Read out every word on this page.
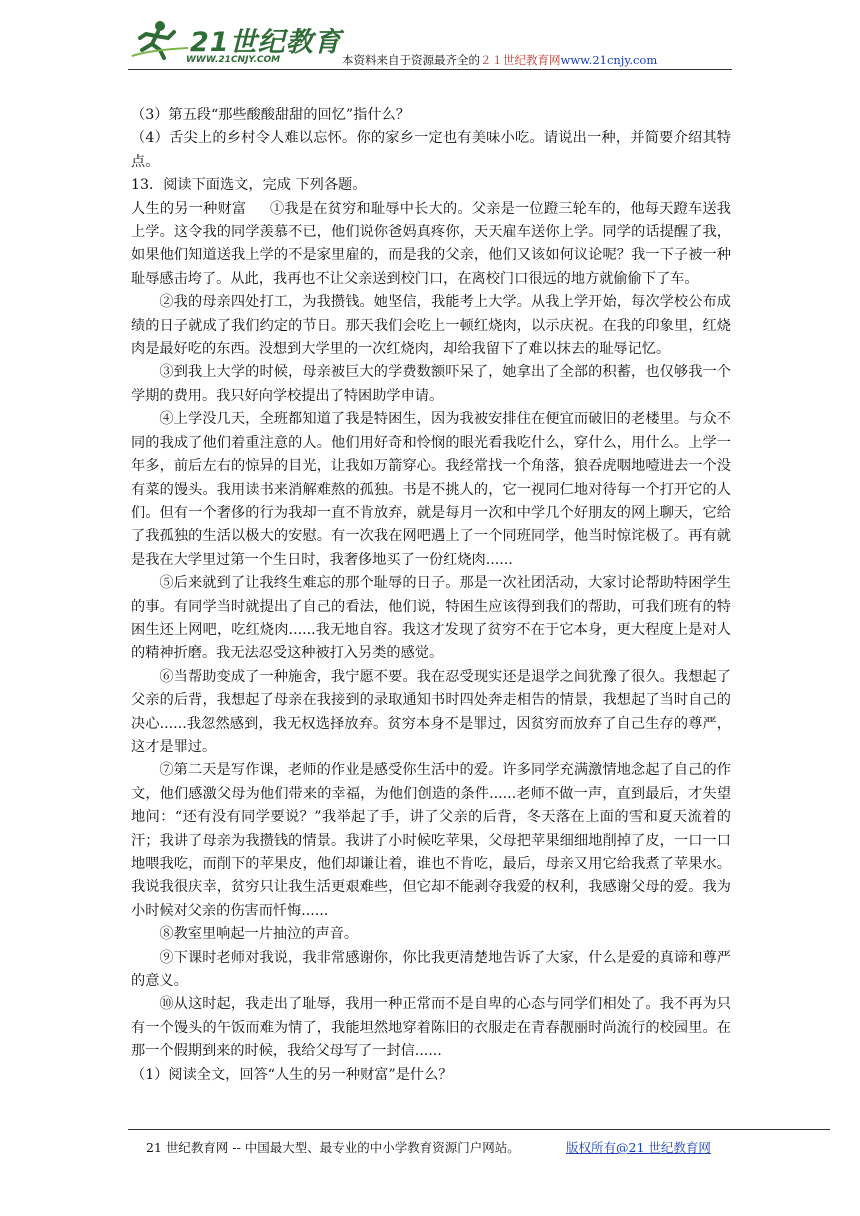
21世纪教育
WWW.21CNJY.COM	本资料来自于资源最齐全的２１世纪教育网www.21cnjy.com

（3）第五段“那些酸酸甜甜的回忆”指什么？

（4）舌尖上的乡村令人难以忘怀。你的家乡一定也有美味小吃。请说出一种，并简要介绍其特点。

13．阅读下面选文，完成 下列各题。

人生的另一种财富 ①我是在贫穷和耻辱中长大的。父亲是一位蹬三轮车的，他每天蹬车送我上学。这令我的同学羡慕不已，他们说你爸妈真疼你，天天雇车送你上学。同学的话提醒了我，如果他们知道送我上学的不是家里雇的，而是我的父亲，他们又该如何议论呢？我一下子被一种耻辱感击垮了。从此，我再也不让父亲送到校门口，在离校门口很远的地方就偷偷下了车。

②我的母亲四处打工，为我攒钱。她坚信，我能考上大学。从我上学开始，每次学校公布成绩的日子就成了我们约定的节日。那天我们会吃上一顿红烧肉，以示庆祝。在我的印象里，红烧肉是最好吃的东西。没想到大学里的一次红烧肉，却给我留下了难以抹去的耻辱记忆。

③到我上大学的时候，母亲被巨大的学费数额吓呆了，她拿出了全部的积蓄，也仅够我一个学期的费用。我只好向学校提出了特困助学申请。

④上学没几天，全班都知道了我是特困生，因为我被安排住在便宜而破旧的老楼里。与众不同的我成了他们着重注意的人。他们用好奇和怜悯的眼光看我吃什么，穿什么，用什么。上学一年多，前后左右的惊异的目光，让我如万箭穿心。我经常找一个角落，狼吞虎咽地噎进去一个没有菜的馒头。我用读书来消解难熬的孤独。书是不挑人的，它一视同仁地对待每一个打开它的人们。但有一个奢侈的行为我却一直不肯放弃，就是每月一次和中学几个好朋友的网上聊天，它给了我孤独的生活以极大的安慰。有一次我在网吧遇上了一个同班同学，他当时惊诧极了。再有就是我在大学里过第一个生日时，我奢侈地买了一份红烧肉......

⑤后来就到了让我终生难忘的那个耻辱的日子。那是一次社团活动，大家讨论帮助特困学生的事。有同学当时就提出了自己的看法，他们说，特困生应该得到我们的帮助，可我们班有的特困生还上网吧，吃红烧肉......我无地自容。我这才发现了贫穷不在于它本身，更大程度上是对人的精神折磨。我无法忍受这种被打入另类的感觉。

⑥当帮助变成了一种施舍，我宁愿不要。我在忍受现实还是退学之间犹豫了很久。我想起了父亲的后背，我想起了母亲在我接到的录取通知书时四处奔走相告的情景，我想起了当时自己的决心......我忽然感到，我无权选择放弃。贫穷本身不是罪过，因贫穷而放弃了自己生存的尊严，这才是罪过。

⑦第二天是写作课，老师的作业是感受你生活中的爱。许多同学充满激情地念起了自己的作文，他们感激父母为他们带来的幸福，为他们创造的条件......老师不做一声，直到最后，才失望地问：“还有没有同学要说？”我举起了手，讲了父亲的后背，冬天落在上面的雪和夏天流着的汗；我讲了母亲为我攒钱的情景。我讲了小时候吃苹果，父母把苹果细细地削掉了皮，一口一口地喂我吃，而削下的苹果皮，他们却谦让着，谁也不肯吃，最后，母亲又用它给我煮了苹果水。我说我很庆幸，贫穷只让我生活更艰难些，但它却不能剥夺我爱的权利，我感谢父母的爱。我为小时候对父亲的伤害而忏悔......

⑧教室里响起一片抽泣的声音。

⑨下课时老师对我说，我非常感谢你，你比我更清楚地告诉了大家，什么是爱的真谛和尊严的意义。

⑩从这时起，我走出了耻辱，我用一种正常而不是自卑的心态与同学们相处了。我不再为只有一个馒头的午饭而难为情了，我能坦然地穿着陈旧的衣服走在青春靓丽时尚流行的校园里。在那一个假期到来的时候，我给父母写了一封信......

（1）阅读全文，回答“人生的另一种财富”是什么？

21 世纪教育网 -- 中国最大型、最专业的中小学教育资源门户网站。	版权所有@21 世纪教育网
